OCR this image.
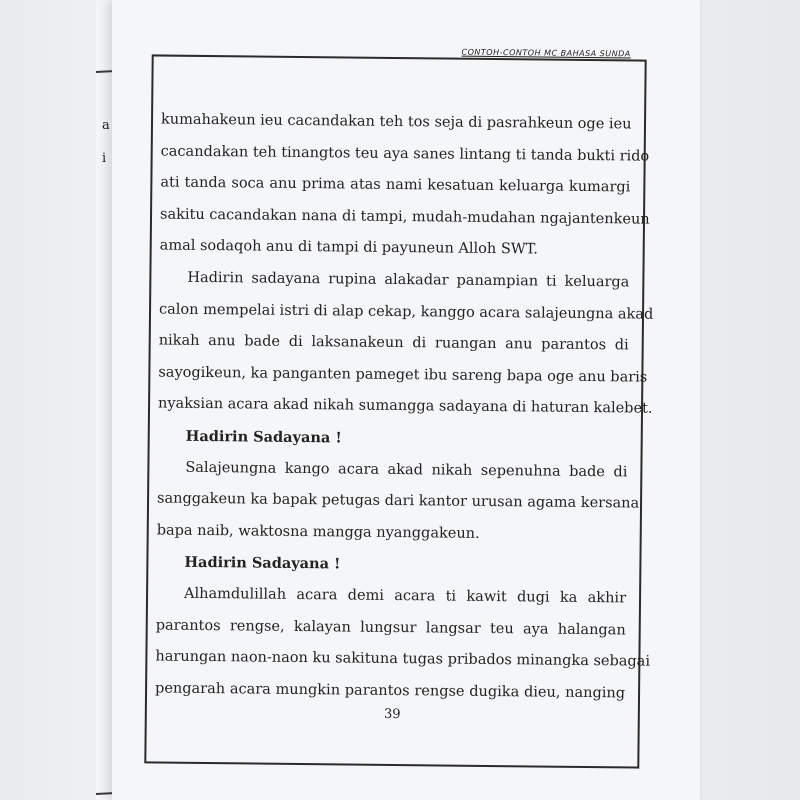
a
i
CONTOH-CONTOH MC BAHASA SUNDA

kumahakeun ieu cacandakan teh tos seja di pasrahkeun oge ieu
cacandakan teh tinangtos teu aya sanes lintang ti tanda bukti rido
ati tanda soca anu prima atas nami kesatuan keluarga kumargi
sakitu cacandakan nana di tampi, mudah-mudahan ngajantenkeun
amal sodaqoh anu di tampi di payuneun Alloh SWT.

Hadirin sadayana rupina alakadar panampian ti keluarga
calon mempelai istri di alap cekap, kanggo acara salajeungna akad
nikah anu bade di laksanakeun di ruangan anu parantos di
sayogikeun, ka panganten pameget ibu sareng bapa oge anu baris
nyaksian acara akad nikah sumangga sadayana di haturan kalebet.

Hadirin Sadayana !

Salajeungna kango acara akad nikah sepenuhna bade di
sanggakeun ka bapak petugas dari kantor urusan agama kersana
bapa naib, waktosna mangga nyanggakeun.

Hadirin Sadayana !

Alhamdulillah acara demi acara ti kawit dugi ka akhir
parantos rengse, kalayan lungsur langsar teu aya halangan
harungan naon-naon ku sakituna tugas pribados minangka sebagai
pengarah acara mungkin parantos rengse dugika dieu, nanging

39
